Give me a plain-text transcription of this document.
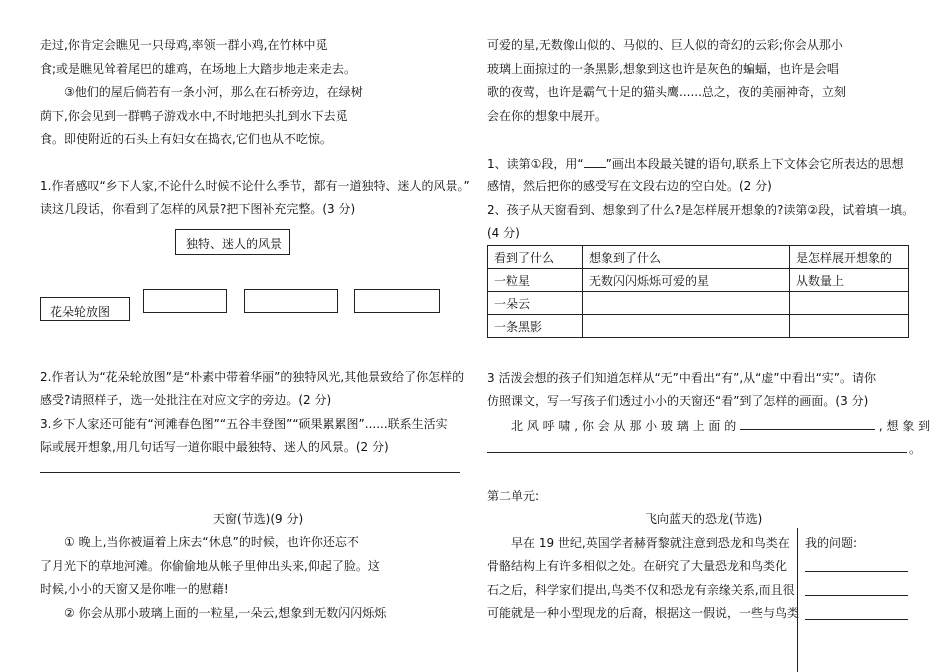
走过,你肯定会瞧见一只母鸡,率领一群小鸡,在竹林中觅
食;或是瞧见耸着尾巴的雄鸡，在场地上大踏步地走来走去。
③他们的屋后倘若有一条小河，那么在石桥旁边，在绿树
荫下,你会见到一群鸭子游戏水中,不时地把头扎到水下去觅
食。即使附近的石头上有妇女在捣衣,它们也从不吃惊。
1.作者感叹“乡下人家,不论什么时候不论什么季节，都有一道独特、迷人的风景。”
读这几段话，你看到了怎样的风景?把下图补充完整。(3 分)
独特、迷人的风景
花朵轮放图
2.作者认为“花朵轮放图”是“朴素中带着华丽”的独特风光,其他景致给了你怎样的
感受?请照样子，选一处批注在对应文字的旁边。(2 分)
3.乡下人家还可能有“河滩春色图”“五谷丰登图”“硕果累累图”......联系生活实
际或展开想象,用几句话写一道你眼中最独特、迷人的风景。(2 分)
天窗(节选)(9 分)
① 晚上,当你被逼着上床去“休息”的时候，也许你还忘不
了月光下的草地河滩。你偷偷地从帐子里伸出头来,仰起了脸。这
时候,小小的天窗又是你唯一的慰藉!
② 你会从那小玻璃上面的一粒星,一朵云,想象到无数闪闪烁烁
可爱的星,无数像山似的、马似的、巨人似的奇幻的云彩;你会从那小
玻璃上面掠过的一条黑影,想象到这也许是灰色的蝙蝠，也许是会唱
歌的夜莺，也许是霸气十足的猫头鹰......总之，夜的美丽神奇，立刻
会在你的想象中展开。
1、读第①段，用“ ”画出本段最关键的语句,联系上下文体会它所表达的思想
感情，然后把你的感受写在文段右边的空白处。(2 分)
2、孩子从天窗看到、想象到了什么?是怎样展开想象的?读第②段，试着填一填。
(4 分)
看到了什么	想象到了什么	是怎样展开想象的
一粒星	无数闪闪烁烁可爱的星	从数量上
一朵云		
一条黑影		
3 活泼会想的孩子们知道怎样从“无”中看出“有”,从“虚”中看出“实”。请你
仿照课文，写一写孩子们透过小小的天窗还“看”到了怎样的画面。(3 分)
北 风 呼 啸 , 你 会 从 那 小 玻 璃 上 面 的	, 想 象 到
。
第二单元:
飞向蓝天的恐龙(节选)
早在 19 世纪,英国学者赫胥黎就注意到恐龙和鸟类在
骨骼结构上有许多相似之处。在研究了大量恐龙和鸟类化
石之后，科学家们提出,鸟类不仅和恐龙有亲缘关系,而且很
可能就是一种小型现龙的后裔，根据这一假说，一些与鸟类
我的问题:
